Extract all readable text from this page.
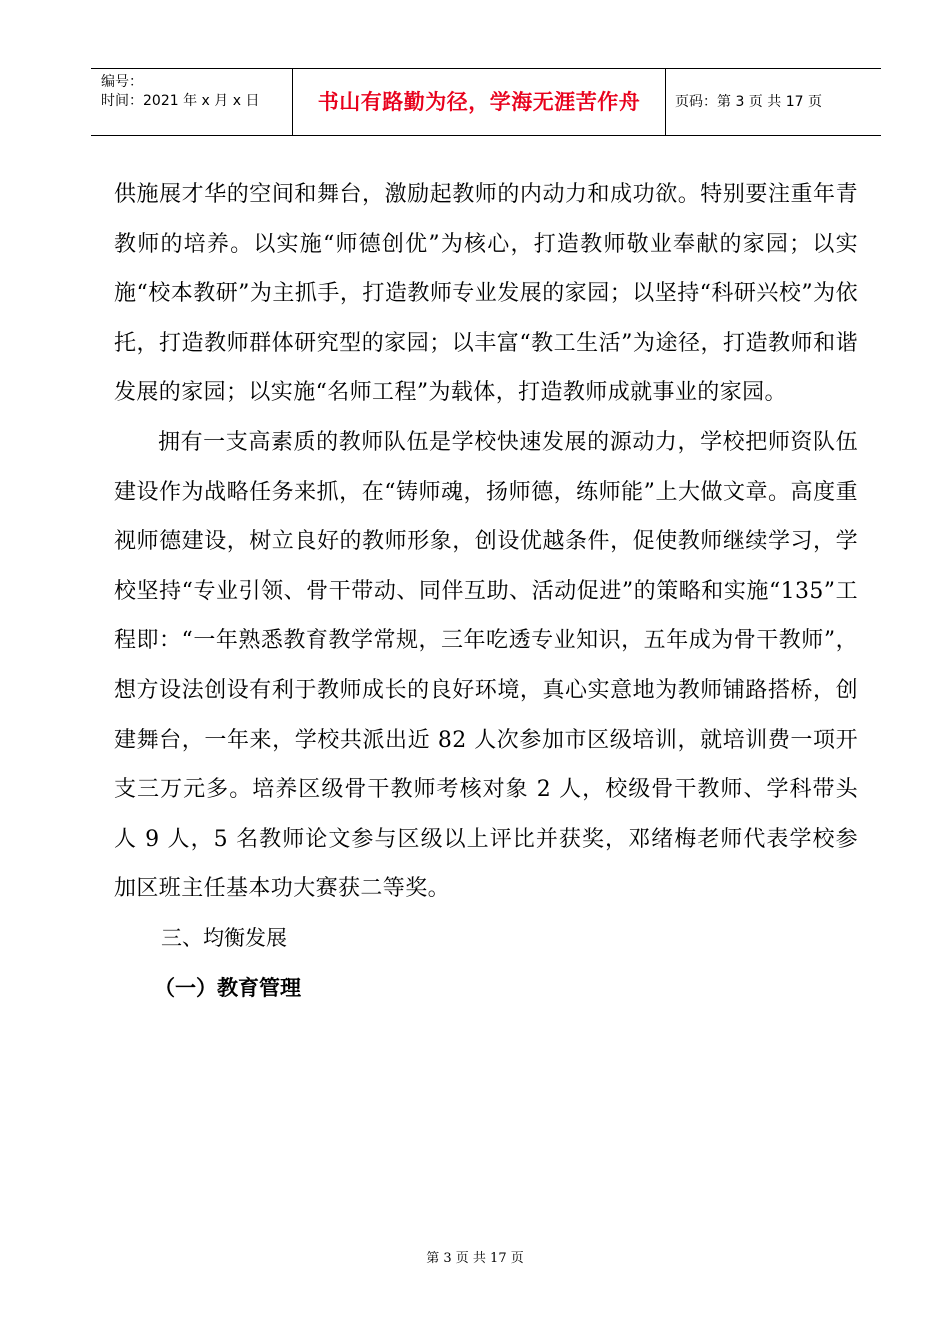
编号：
时间：2021 年 x 月 x 日	书山有路勤为径，学海无涯苦作舟	页码：第 3 页 共 17 页

供施展才华的空间和舞台，激励起教师的内动力和成功欲。特别要注重年青教师的培养。以实施“师德创优”为核心，打造教师敬业奉献的家园；以实施“校本教研”为主抓手，打造教师专业发展的家园；以坚持“科研兴校”为依托，打造教师群体研究型的家园；以丰富“教工生活”为途径，打造教师和谐发展的家园；以实施“名师工程”为载体，打造教师成就事业的家园。

拥有一支高素质的教师队伍是学校快速发展的源动力，学校把师资队伍建设作为战略任务来抓，在“铸师魂，扬师德，练师能”上大做文章。高度重视师德建设，树立良好的教师形象，创设优越条件，促使教师继续学习，学校坚持“专业引领、骨干带动、同伴互助、活动促进”的策略和实施“135”工程即：“一年熟悉教育教学常规，三年吃透专业知识，五年成为骨干教师”，想方设法创设有利于教师成长的良好环境，真心实意地为教师铺路搭桥，创建舞台，一年来，学校共派出近 82 人次参加市区级培训，就培训费一项开支三万元多。培养区级骨干教师考核对象 2 人，校级骨干教师、学科带头人 9 人，5 名教师论文参与区级以上评比并获奖，邓绪梅老师代表学校参加区班主任基本功大赛获二等奖。

三、均衡发展

（一）教育管理

第 3 页 共 17 页
